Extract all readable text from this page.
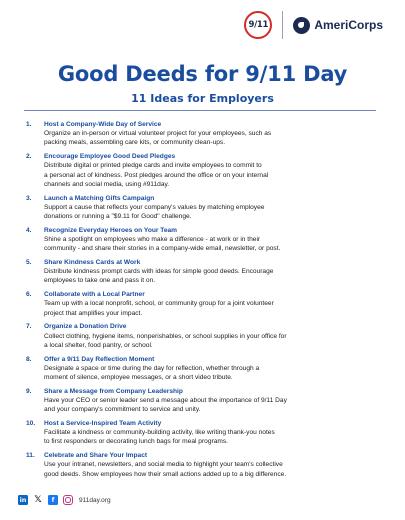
9/11	AmeriCorps
Good Deeds for 9/11 Day
11 Ideas for Employers
1.	Host a Company-Wide Day of Service
Organize an in-person or virtual volunteer project for your employees, such as
packing meals, assembling care kits, or community clean-ups.
2.	Encourage Employee Good Deed Pledges
Distribute digital or printed pledge cards and invite employees to commit to
a personal act of kindness. Post pledges around the office or on your internal
channels and social media, using #911day.
3.	Launch a Matching Gifts Campaign
Support a cause that reflects your company's values by matching employee
donations or running a "$9.11 for Good" challenge.
4.	Recognize Everyday Heroes on Your Team
Shine a spotlight on employees who make a difference - at work or in their
community - and share their stories in a company-wide email, newsletter, or post.
5.	Share Kindness Cards at Work
Distribute kindness prompt cards with ideas for simple good deeds. Encourage
employees to take one and pass it on.
6.	Collaborate with a Local Partner
Team up with a local nonprofit, school, or community group for a joint volunteer
project that amplifies your impact.
7.	Organize a Donation Drive
Collect clothing, hygiene items, nonperishables, or school supplies in your office for
a local shelter, food pantry, or school.
8.	Offer a 9/11 Day Reflection Moment
Designate a space or time during the day for reflection, whether through a
moment of silence, employee messages, or a short video tribute.
9.	Share a Message from Company Leadership
Have your CEO or senior leader send a message about the importance of 9/11 Day
and your company's commitment to service and unity.
10.	Host a Service-Inspired Team Activity
Facilitate a kindness or community-building activity, like writing thank-you notes
to first responders or decorating lunch bags for meal programs.
11.	Celebrate and Share Your Impact
Use your intranet, newsletters, and social media to highlight your team's collective
good deeds. Show employees how their small actions added up to a big difference.
in 𝕏	f	911day.org
